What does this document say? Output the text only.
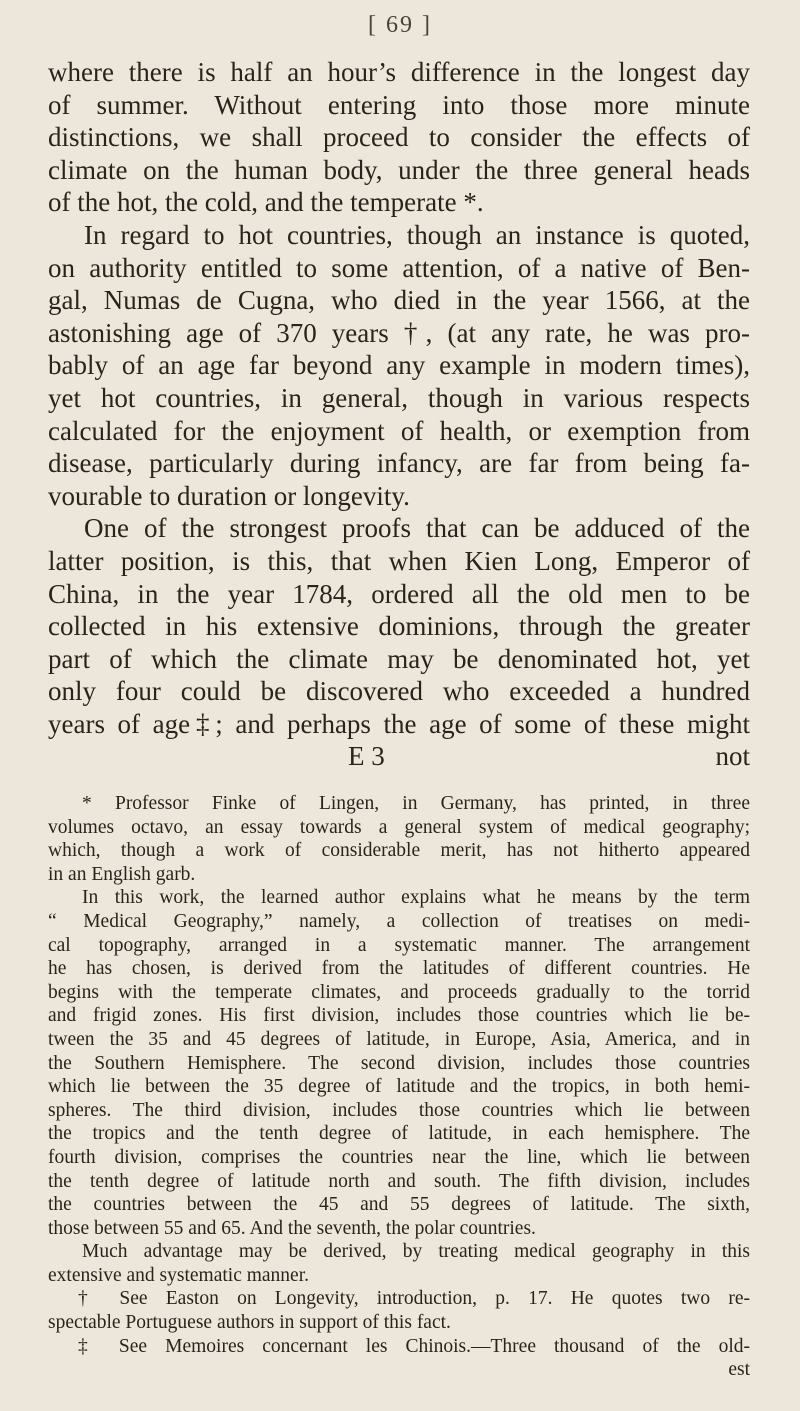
[ 69 ]
where there is half an hour’s difference in the longest day
of summer. Without entering into those more minute
distinctions, we shall proceed to consider the effects of
climate on the human body, under the three general heads
of the hot, the cold, and the temperate *.
In regard to hot countries, though an instance is quoted,
on authority entitled to some attention, of a native of Ben-
gal, Numas de Cugna, who died in the year 1566, at the
astonishing age of 370 years †, (at any rate, he was pro-
bably of an age far beyond any example in modern times),
yet hot countries, in general, though in various respects
calculated for the enjoyment of health, or exemption from
disease, particularly during infancy, are far from being fa-
vourable to duration or longevity.
One of the strongest proofs that can be adduced of the
latter position, is this, that when Kien Long, Emperor of
China, in the year 1784, ordered all the old men to be
collected in his extensive dominions, through the greater
part of which the climate may be denominated hot, yet
only four could be discovered who exceeded a hundred
years of age‡; and perhaps the age of some of these might
E 3	not
* Professor Finke of Lingen, in Germany, has printed, in three
volumes octavo, an essay towards a general system of medical geography;
which, though a work of considerable merit, has not hitherto appeared
in an English garb.
In this work, the learned author explains what he means by the term
“ Medical Geography,” namely, a collection of treatises on medi-
cal topography, arranged in a systematic manner. The arrangement
he has chosen, is derived from the latitudes of different countries. He
begins with the temperate climates, and proceeds gradually to the torrid
and frigid zones. His first division, includes those countries which lie be-
tween the 35 and 45 degrees of latitude, in Europe, Asia, America, and in
the Southern Hemisphere. The second division, includes those countries
which lie between the 35 degree of latitude and the tropics, in both hemi-
spheres. The third division, includes those countries which lie between
the tropics and the tenth degree of latitude, in each hemisphere. The
fourth division, comprises the countries near the line, which lie between
the tenth degree of latitude north and south. The fifth division, includes
the countries between the 45 and 55 degrees of latitude. The sixth,
those between 55 and 65. And the seventh, the polar countries.
Much advantage may be derived, by treating medical geography in this
extensive and systematic manner.
† See Easton on Longevity, introduction, p. 17. He quotes two re-
spectable Portuguese authors in support of this fact.
‡ See Memoires concernant les Chinois.—Three thousand of the old-
est
